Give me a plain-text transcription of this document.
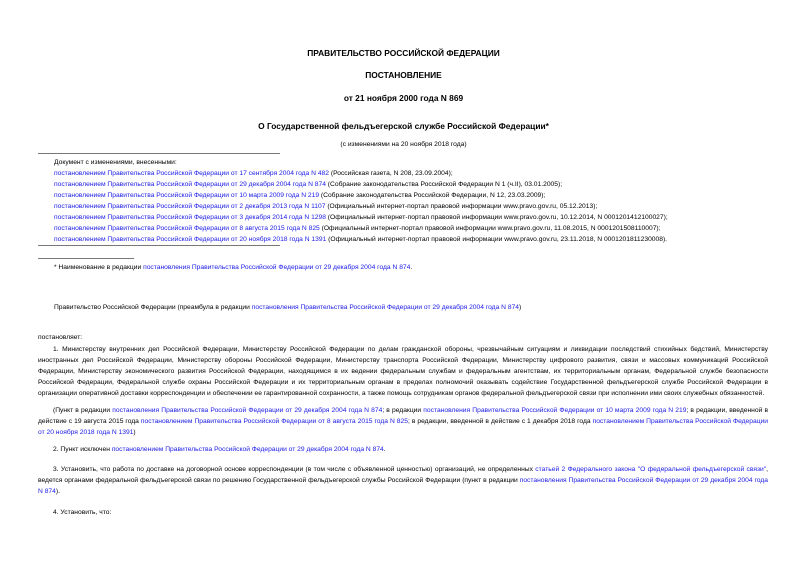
ПРАВИТЕЛЬСТВО РОССИЙСКОЙ ФЕДЕРАЦИИ
ПОСТАНОВЛЕНИЕ
от 21 ноября 2000 года N 869
О Государственной фельдъегерской службе Российской Федерации*
(с изменениями на 20 ноября 2018 года)
Документ с изменениями, внесенными:
постановлением Правительства Российской Федерации от 17 сентября 2004 года N 482 (Российская газета, N 208, 23.09.2004);
постановлением Правительства Российской Федерации от 29 декабря 2004 года N 874 (Собрание законодательства Российской Федерации N 1 (ч.II), 03.01.2005);
постановлением Правительства Российской Федерации от 10 марта 2009 года N 219 (Собрание законодательства Российской Федерации, N 12, 23.03.2009);
постановлением Правительства Российской Федерации от 2 декабря 2013 года N 1107 (Официальный интернет-портал правовой информации www.pravo.gov.ru, 05.12.2013);
постановлением Правительства Российской Федерации от 3 декабря 2014 года N 1298 (Официальный интернет-портал правовой информации www.pravo.gov.ru, 10.12.2014, N 0001201412100027);
постановлением Правительства Российской Федерации от 8 августа 2015 года N 825 (Официальный интернет-портал правовой информации www.pravo.gov.ru, 11.08.2015, N 0001201508110007);
постановлением Правительства Российской Федерации от 20 ноября 2018 года N 1391 (Официальный интернет-портал правовой информации www.pravo.gov.ru, 23.11.2018, N 0001201811230008).
* Наименование в редакции постановления Правительства Российской Федерации от 29 декабря 2004 года N 874.
Правительство Российской Федерации (преамбула в редакции постановления Правительства Российской Федерации от 29 декабря 2004 года N 874)
постановляет:
1. Министерству внутренних дел Российской Федерации, Министерству Российской Федерации по делам гражданской обороны, чрезвычайным ситуациям и ликвидации последствий стихийных бедствий, Министерству иностранных дел Российской Федерации, Министерству обороны Российской Федерации, Министерству транспорта Российской Федерации, Министерству цифрового развития, связи и массовых коммуникаций Российской Федерации, Министерству экономического развития Российской Федерации, находящимся в их ведении федеральным службам и федеральным агентствам, их территориальным органам, Федеральной службе безопасности Российской Федерации, Федеральной службе охраны Российской Федерации и их территориальным органам в пределах полномочий оказывать содействие Государственной фельдъегерской службе Российской Федерации в организации оперативной доставки корреспонденции и обеспечении ее гарантированной сохранности, а также помощь сотрудникам органов федеральной фельдъегерской связи при исполнении ими своих служебных обязанностей.
(Пункт в редакции постановления Правительства Российской Федерации от 29 декабря 2004 года N 874; в редакции постановления Правительства Российской Федерации от 10 марта 2009 года N 219; в редакции, введенной в действие с 19 августа 2015 года постановлением Правительства Российской Федерации от 8 августа 2015 года N 825; в редакции, введенной в действие с 1 декабря 2018 года постановлением Правительства Российской Федерации от 20 ноября 2018 года N 1391)
2. Пункт исключен постановлением Правительства Российской Федерации от 29 декабря 2004 года N 874.
3. Установить, что работа по доставке на договорной основе корреспонденции (в том числе с объявленной ценностью) организаций, не определенных статьей 2 Федерального закона "О федеральной фельдъегерской связи", ведется органами федеральной фельдъегерской связи по решению Государственной фельдъегерской службы Российской Федерации (пункт в редакции постановления Правительства Российской Федерации от 29 декабря 2004 года N 874).
4. Установить, что:
